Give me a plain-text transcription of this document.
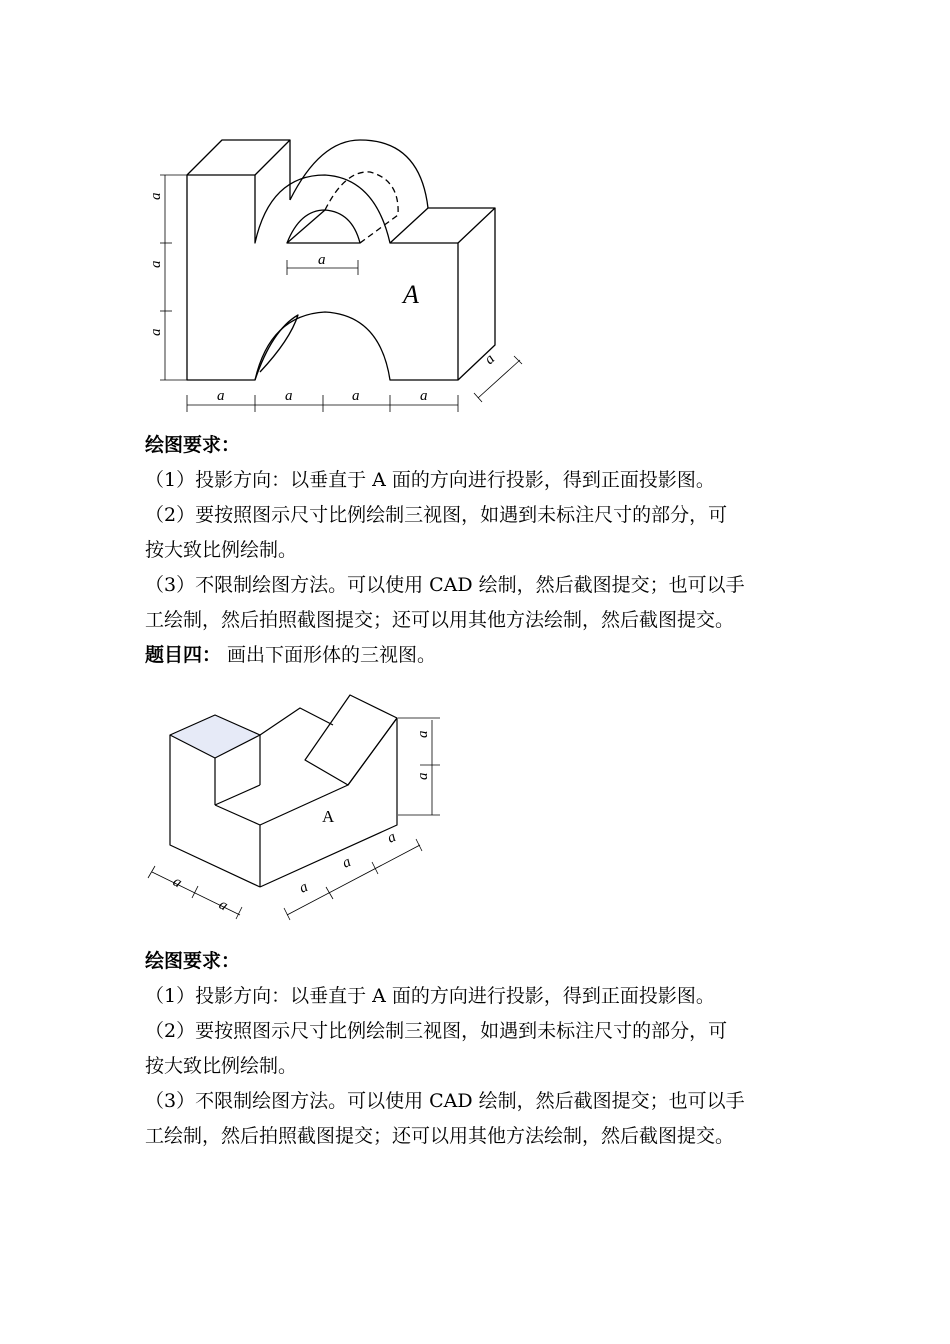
a
a
a
a	a	a	a
a
a
A
绘图要求：
（1）投影方向：以垂直于 A 面的方向进行投影，得到正面投影图。
（2）要按照图示尺寸比例绘制三视图，如遇到未标注尺寸的部分，可
按大致比例绘制。
（3）不限制绘图方法。可以使用 CAD 绘制，然后截图提交；也可以手
工绘制，然后拍照截图提交；还可以用其他方法绘制，然后截图提交。
题目四： 画出下面形体的三视图。
a
a
a
a
a
a
a
A
绘图要求：
（1）投影方向：以垂直于 A 面的方向进行投影，得到正面投影图。
（2）要按照图示尺寸比例绘制三视图，如遇到未标注尺寸的部分，可
按大致比例绘制。
（3）不限制绘图方法。可以使用 CAD 绘制，然后截图提交；也可以手
工绘制，然后拍照截图提交；还可以用其他方法绘制，然后截图提交。
